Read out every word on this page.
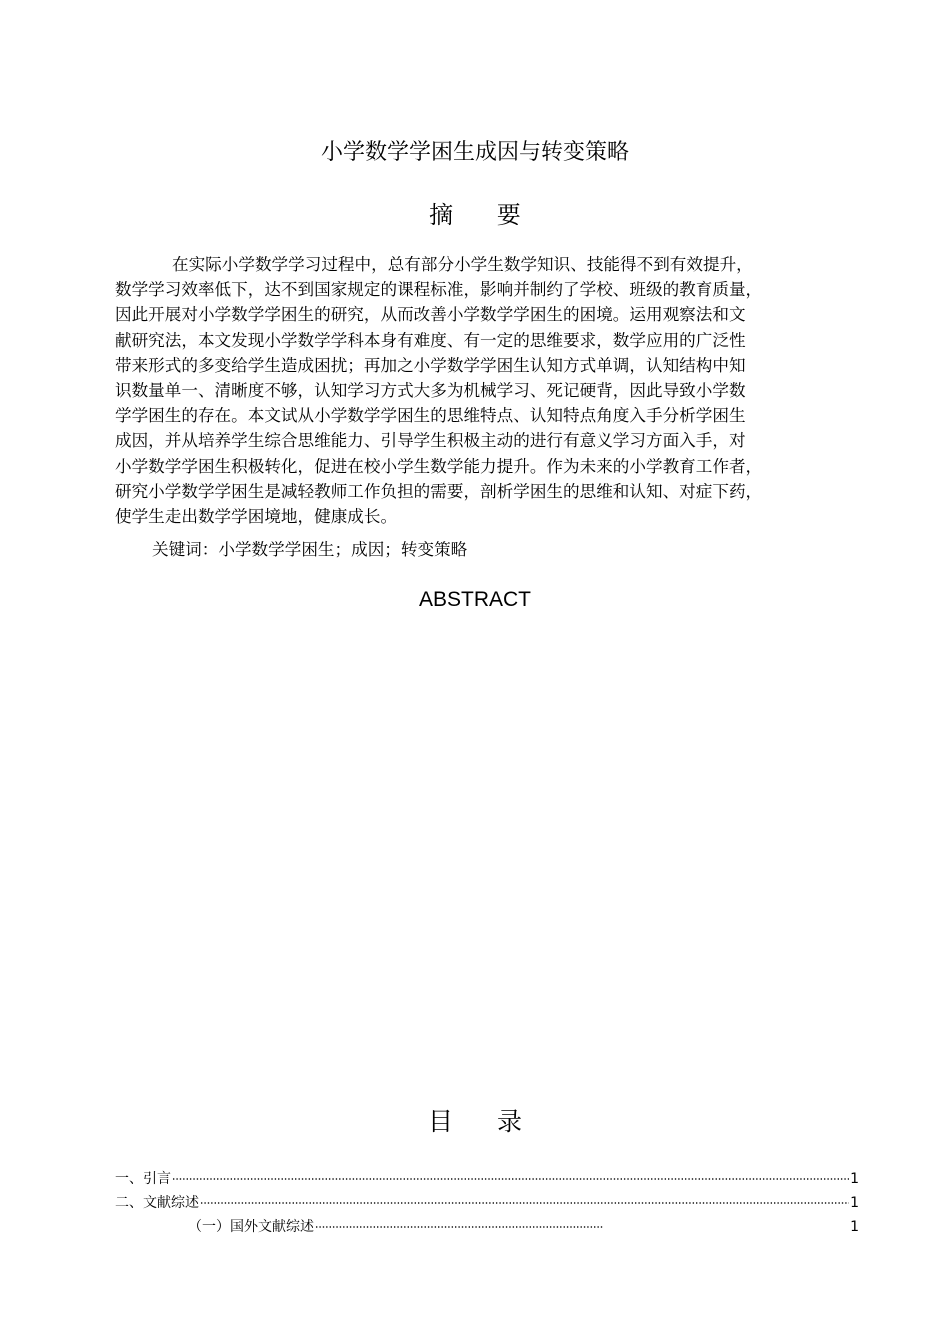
小学数学学困生成因与转变策略
摘 要
在实际小学数学学习过程中，总有部分小学生数学知识、技能得不到有效提升，
数学学习效率低下，达不到国家规定的课程标准，影响并制约了学校、班级的教育质量，
因此开展对小学数学学困生的研究，从而改善小学数学学困生的困境。运用观察法和文
献研究法，本文发现小学数学学科本身有难度、有一定的思维要求，数学应用的广泛性
带来形式的多变给学生造成困扰；再加之小学数学学困生认知方式单调，认知结构中知
识数量单一、清晰度不够，认知学习方式大多为机械学习、死记硬背，因此导致小学数
学学困生的存在。本文试从小学数学学困生的思维特点、认知特点角度入手分析学困生
成因，并从培养学生综合思维能力、引导学生积极主动的进行有意义学习方面入手，对
小学数学学困生积极转化，促进在校小学生数学能力提升。作为未来的小学教育工作者，
研究小学数学学困生是减轻教师工作负担的需要，剖析学困生的思维和认知、对症下药，
使学生走出数学学困境地，健康成长。
关键词：小学数学学困生；成因；转变策略
ABSTRACT
目 录
一、引言	1
二、文献综述	1
（一）国外文献综述	1
